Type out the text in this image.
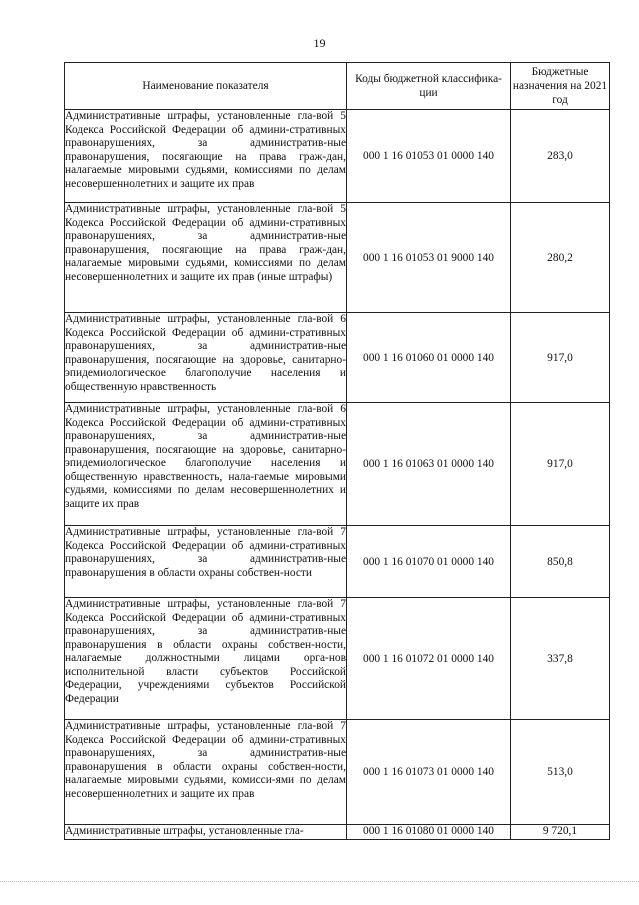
19
Наименование показателя	Коды бюджетной классифика-ции	Бюджетные назначения на 2021 год
Административные штрафы, установленные гла-вой 5 Кодекса Российской Федерации об админи-стративных правонарушениях, за административ-ные правонарушения, посягающие на права граж-дан, налагаемые мировыми судьями, комиссиями по делам несовершеннолетних и защите их прав	000 1 16 01053 01 0000 140	283,0
Административные штрафы, установленные гла-вой 5 Кодекса Российской Федерации об админи-стративных правонарушениях, за административ-ные правонарушения, посягающие на права граж-дан, налагаемые мировыми судьями, комиссиями по делам несовершеннолетних и защите их прав (иные штрафы)	000 1 16 01053 01 9000 140	280,2
Административные штрафы, установленные гла-вой 6 Кодекса Российской Федерации об админи-стративных правонарушениях, за административ-ные правонарушения, посягающие на здоровье, санитарно-эпидемиологическое благополучие населения и общественную нравственность	000 1 16 01060 01 0000 140	917,0
Административные штрафы, установленные гла-вой 6 Кодекса Российской Федерации об админи-стративных правонарушениях, за административ-ные правонарушения, посягающие на здоровье, санитарно-эпидемиологическое благополучие населения и общественную нравственность, нала-гаемые мировыми судьями, комиссиями по делам несовершеннолетних и защите их прав	000 1 16 01063 01 0000 140	917,0
Административные штрафы, установленные гла-вой 7 Кодекса Российской Федерации об админи-стративных правонарушениях, за административ-ные правонарушения в области охраны собствен-ности	000 1 16 01070 01 0000 140	850,8
Административные штрафы, установленные гла-вой 7 Кодекса Российской Федерации об админи-стративных правонарушениях, за административ-ные правонарушения в области охраны собствен-ности, налагаемые должностными лицами орга-нов исполнительной власти субъектов Российской Федерации, учреждениями субъектов Российской Федерации	000 1 16 01072 01 0000 140	337,8
Административные штрафы, установленные гла-вой 7 Кодекса Российской Федерации об админи-стративных правонарушениях, за административ-ные правонарушения в области охраны собствен-ности, налагаемые мировыми судьями, комисси-ями по делам несовершеннолетних и защите их прав	000 1 16 01073 01 0000 140	513,0
Административные штрафы, установленные гла-	000 1 16 01080 01 0000 140	9 720,1
